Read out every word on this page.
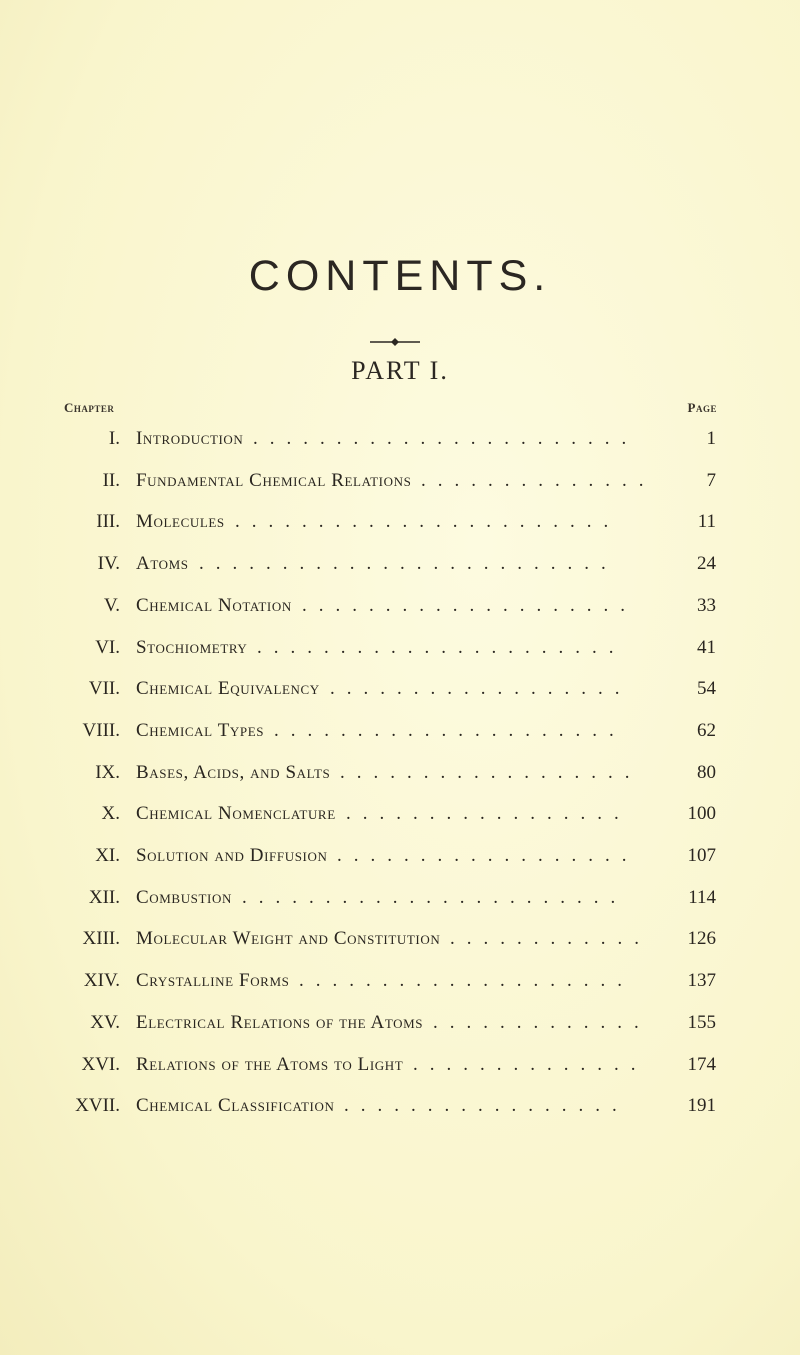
CONTENTS.
PART I.
Chapter	Page
I. Introduction .......................	1
II. Fundamental Chemical Relations ..............	7
III. Molecules .......................	11
IV. Atoms .........................	24
V. Chemical Notation ....................	33
VI. Stochiometry ......................	41
VII. Chemical Equivalency ..................	54
VIII. Chemical Types .....................	62
IX. Bases, Acids, and Salts ..................	80
X. Chemical Nomenclature .................	100
XI. Solution and Diffusion ..................	107
XII. Combustion .......................	114
XIII. Molecular Weight and Constitution ............ 126
XIV. Crystalline Forms ....................	137
XV. Electrical Relations of the Atoms ............. 155
XVI. Relations of the Atoms to Light .............. 174
XVII. Chemical Classification .................	191
